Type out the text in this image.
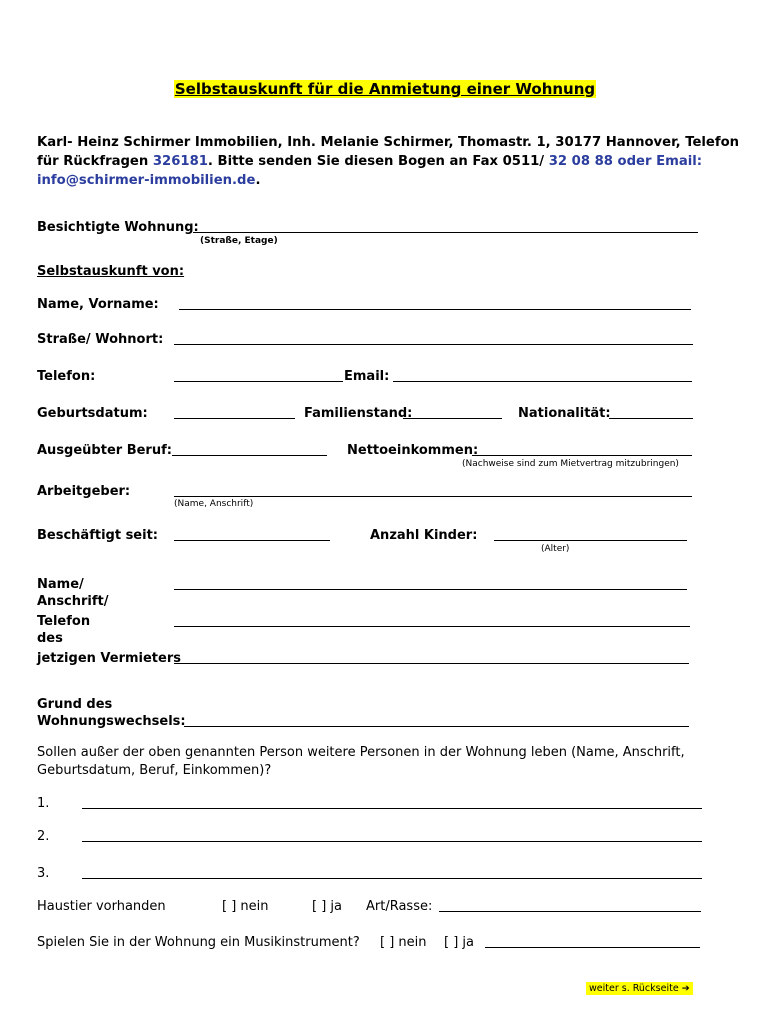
Selbstauskunft für die Anmietung einer Wohnung
Karl- Heinz Schirmer Immobilien, Inh. Melanie Schirmer, Thomastr. 1, 30177 Hannover, Telefon
für Rückfragen 326181. Bitte senden Sie diesen Bogen an Fax 0511/ 32 08 88 oder Email:
info@schirmer-immobilien.de.
Besichtigte Wohnung:
(Straße, Etage)
Selbstauskunft von:
Name, Vorname:
Straße/ Wohnort:
Telefon:	Email:
Geburtsdatum:	Familienstand:	Nationalität:
Ausgeübter Beruf:	Nettoeinkommen:
(Nachweise sind zum Mietvertrag mitzubringen)
Arbeitgeber:
(Name, Anschrift)
Beschäftigt seit:	Anzahl Kinder:
(Alter)
Name/
Anschrift/
Telefon
des
jetzigen Vermieters
Grund des
Wohnungswechsels:
Sollen außer der oben genannten Person weitere Personen in der Wohnung leben (Name, Anschrift,
Geburtsdatum, Beruf, Einkommen)?
1.
2.
3.
Haustier vorhanden	[ ] nein	[ ] ja Art/Rasse:
Spielen Sie in der Wohnung ein Musikinstrument? [ ] nein [ ] ja
weiter s. Rückseite ➔
